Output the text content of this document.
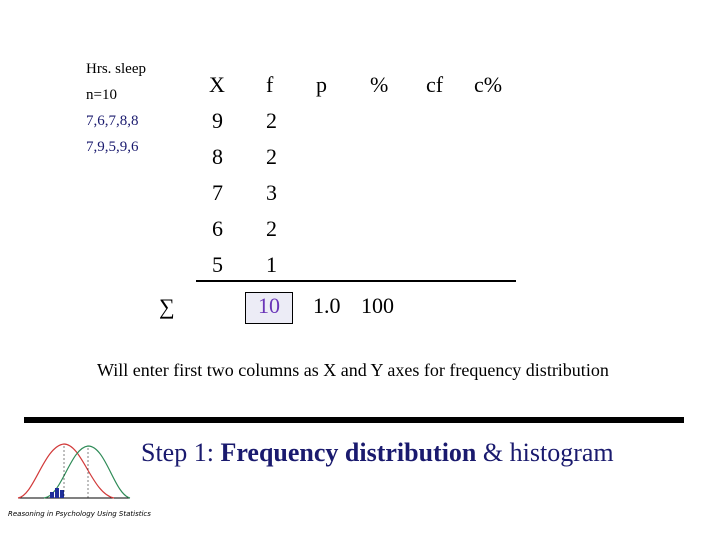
Hrs. sleep
n=10
7,6,7,8,8
7,9,5,9,6
X f p % cf c%
9 2
8 2
7 3
6 2
5 1
∑	10 1.0 100
Will enter first two columns as X and Y axes for frequency distribution
Step 1: Frequency distribution & histogram
Reasoning in Psychology Using Statistics
